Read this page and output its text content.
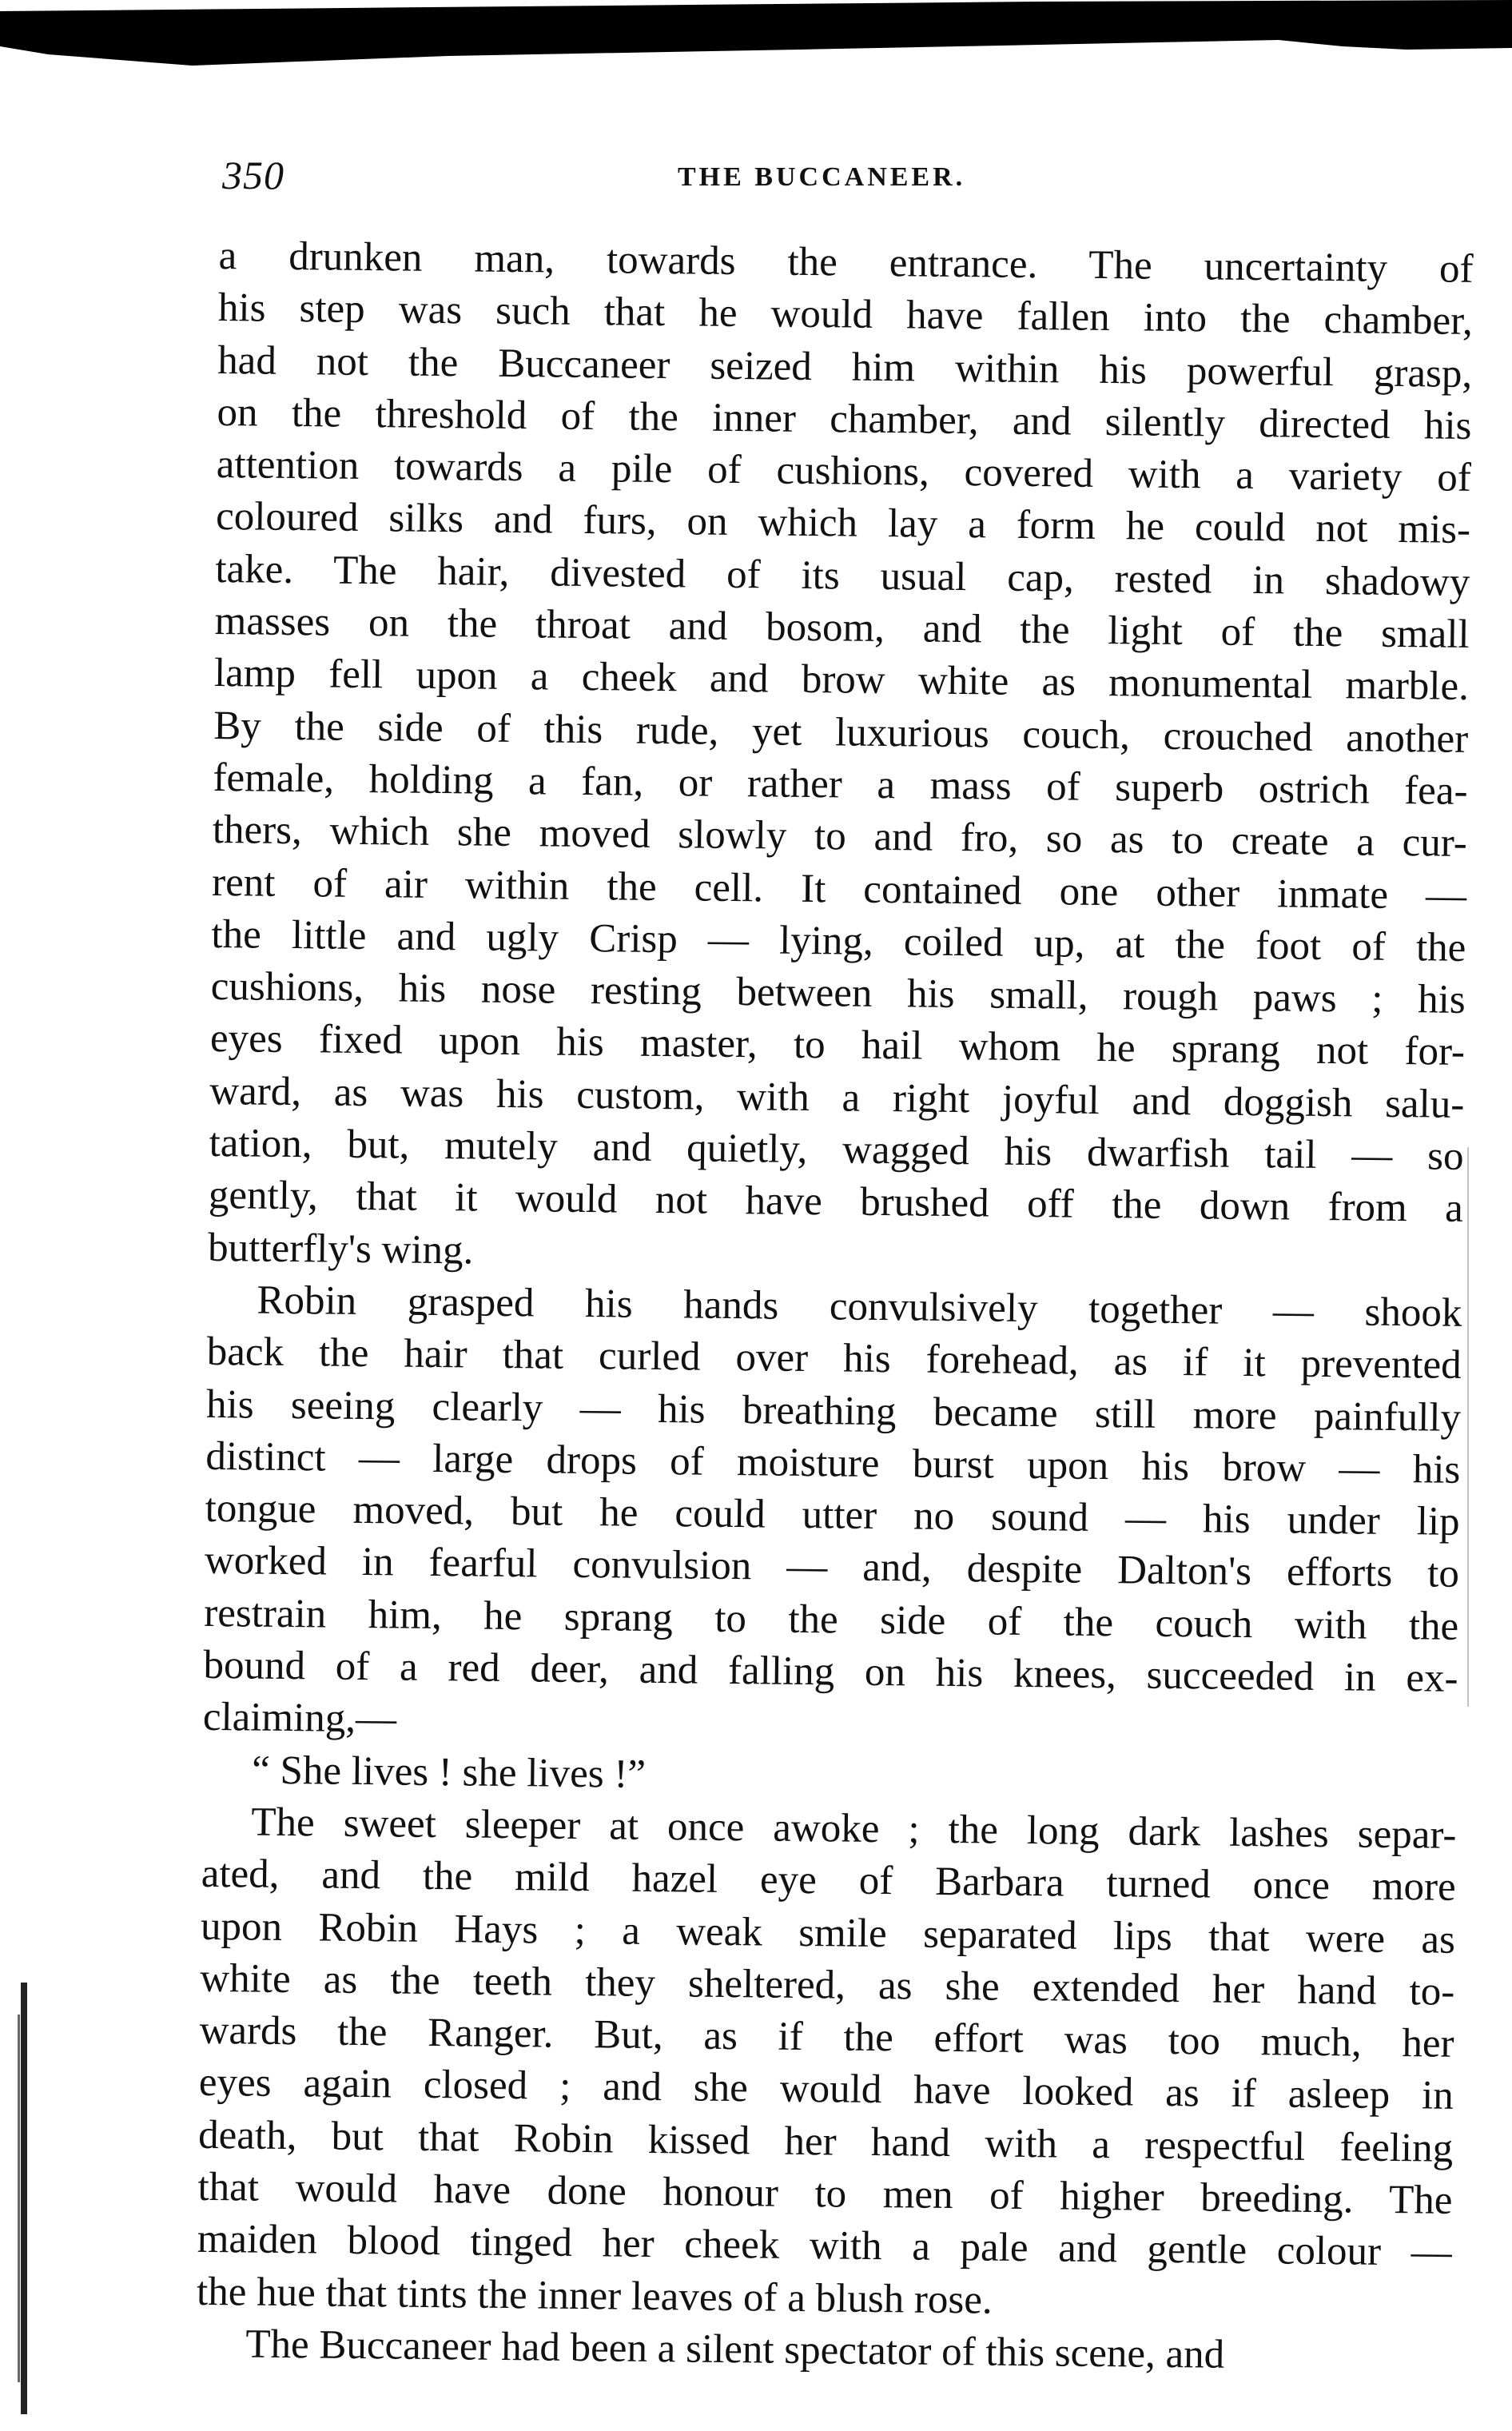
350	THE BUCCANEER.
a drunken man, towards the entrance. The uncertainty of
his step was such that he would have fallen into the chamber,
had not the Buccaneer seized him within his powerful grasp,
on the threshold of the inner chamber, and silently directed his
attention towards a pile of cushions, covered with a variety of
coloured silks and furs, on which lay a form he could not mis-
take. The hair, divested of its usual cap, rested in shadowy
masses on the throat and bosom, and the light of the small
lamp fell upon a cheek and brow white as monumental marble.
By the side of this rude, yet luxurious couch, crouched another
female, holding a fan, or rather a mass of superb ostrich fea-
thers, which she moved slowly to and fro, so as to create a cur-
rent of air within the cell. It contained one other inmate —
the little and ugly Crisp — lying, coiled up, at the foot of the
cushions, his nose resting between his small, rough paws ; his
eyes fixed upon his master, to hail whom he sprang not for-
ward, as was his custom, with a right joyful and doggish salu-
tation, but, mutely and quietly, wagged his dwarfish tail — so
gently, that it would not have brushed off the down from a
butterfly's wing.
Robin grasped his hands convulsively together — shook
back the hair that curled over his forehead, as if it prevented
his seeing clearly — his breathing became still more painfully
distinct — large drops of moisture burst upon his brow — his
tongue moved, but he could utter no sound — his under lip
worked in fearful convulsion — and, despite Dalton's efforts to
restrain him, he sprang to the side of the couch with the
bound of a red deer, and falling on his knees, succeeded in ex-
claiming,—
“ She lives ! she lives !”
The sweet sleeper at once awoke ; the long dark lashes separ-
ated, and the mild hazel eye of Barbara turned once more
upon Robin Hays ; a weak smile separated lips that were as
white as the teeth they sheltered, as she extended her hand to-
wards the Ranger. But, as if the effort was too much, her
eyes again closed ; and she would have looked as if asleep in
death, but that Robin kissed her hand with a respectful feeling
that would have done honour to men of higher breeding. The
maiden blood tinged her cheek with a pale and gentle colour —
the hue that tints the inner leaves of a blush rose.
The Buccaneer had been a silent spectator of this scene, and
